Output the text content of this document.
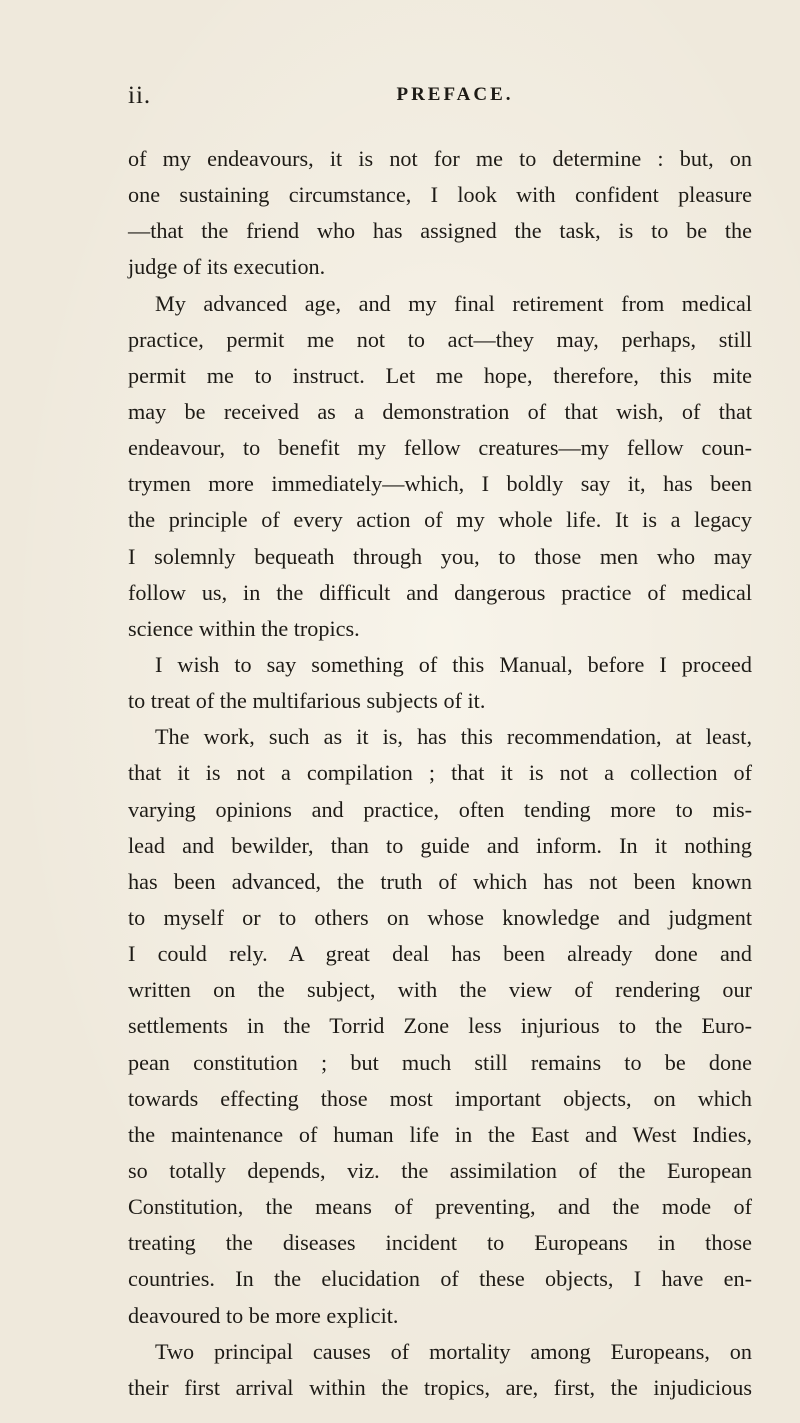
ii.	PREFACE.
of my endeavours, it is not for me to determine : but, on
one sustaining circumstance, I look with confident pleasure
—that the friend who has assigned the task, is to be the
judge of its execution.
My advanced age, and my final retirement from medical
practice, permit me not to act—they may, perhaps, still
permit me to instruct. Let me hope, therefore, this mite
may be received as a demonstration of that wish, of that
endeavour, to benefit my fellow creatures—my fellow coun-
trymen more immediately—which, I boldly say it, has been
the principle of every action of my whole life. It is a legacy
I solemnly bequeath through you, to those men who may
follow us, in the difficult and dangerous practice of medical
science within the tropics.
I wish to say something of this Manual, before I proceed
to treat of the multifarious subjects of it.
The work, such as it is, has this recommendation, at least,
that it is not a compilation ; that it is not a collection of
varying opinions and practice, often tending more to mis-
lead and bewilder, than to guide and inform. In it nothing
has been advanced, the truth of which has not been known
to myself or to others on whose knowledge and judgment
I could rely. A great deal has been already done and
written on the subject, with the view of rendering our
settlements in the Torrid Zone less injurious to the Euro-
pean constitution ; but much still remains to be done
towards effecting those most important objects, on which
the maintenance of human life in the East and West Indies,
so totally depends, viz. the assimilation of the European
Constitution, the means of preventing, and the mode of
treating the diseases incident to Europeans in those
countries. In the elucidation of these objects, I have en-
deavoured to be more explicit.
Two principal causes of mortality among Europeans, on
their first arrival within the tropics, are, first, the injudicious
